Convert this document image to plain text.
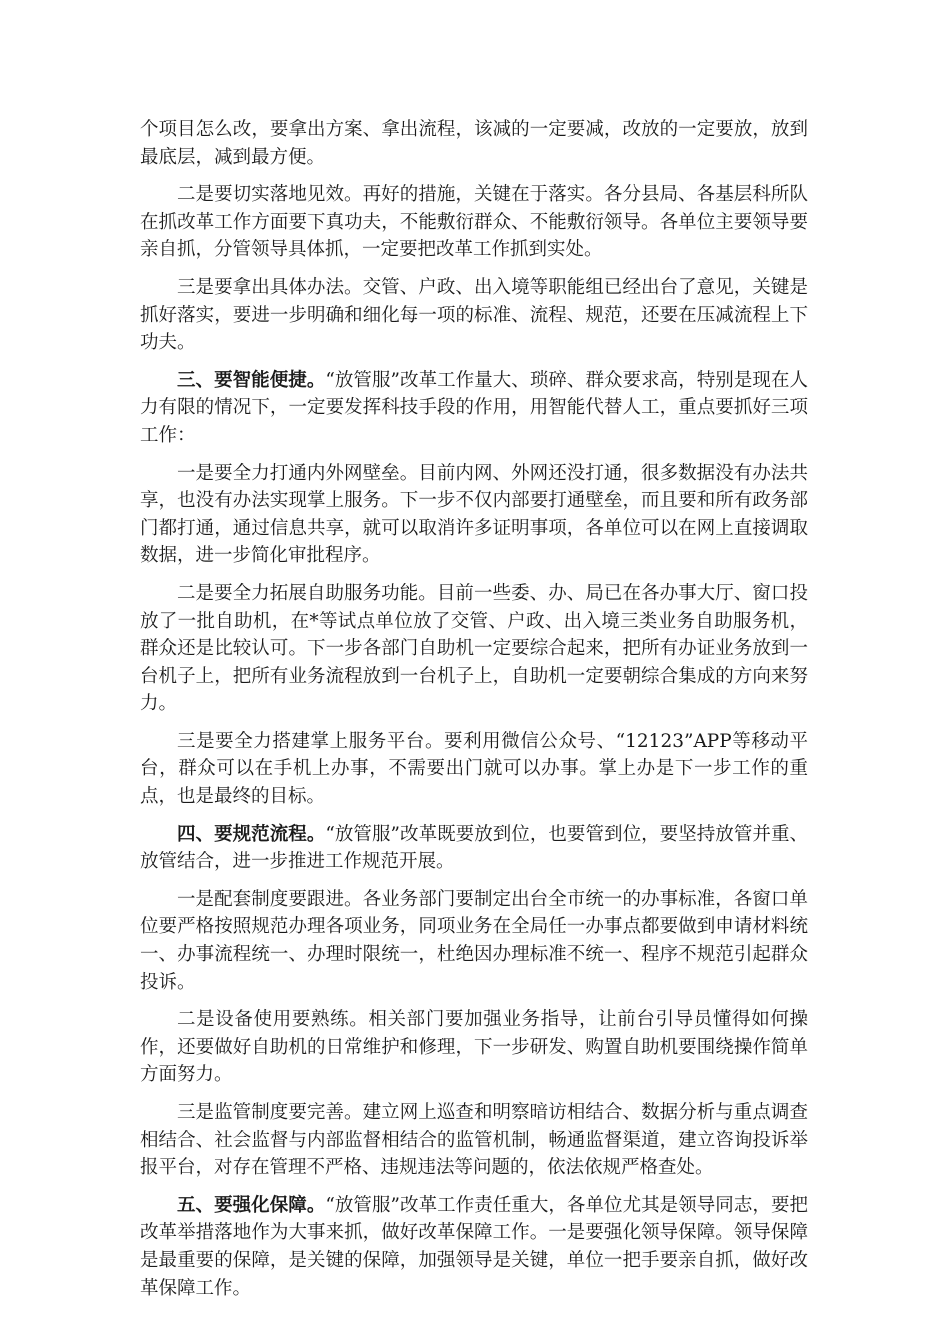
个项目怎么改，要拿出方案、拿出流程，该减的一定要减，改放的一定要放，放到最底层，减到最方便。

二是要切实落地见效。再好的措施，关键在于落实。各分县局、各基层科所队在抓改革工作方面要下真功夫，不能敷衍群众、不能敷衍领导。各单位主要领导要亲自抓，分管领导具体抓，一定要把改革工作抓到实处。

三是要拿出具体办法。交管、户政、出入境等职能组已经出台了意见，关键是抓好落实，要进一步明确和细化每一项的标准、流程、规范，还要在压减流程上下功夫。

三、要智能便捷。“放管服”改革工作量大、琐碎、群众要求高，特别是现在人力有限的情况下，一定要发挥科技手段的作用，用智能代替人工，重点要抓好三项工作：

一是要全力打通内外网壁垒。目前内网、外网还没打通，很多数据没有办法共享，也没有办法实现掌上服务。下一步不仅内部要打通壁垒，而且要和所有政务部门都打通，通过信息共享，就可以取消许多证明事项，各单位可以在网上直接调取数据，进一步简化审批程序。

二是要全力拓展自助服务功能。目前一些委、办、局已在各办事大厅、窗口投放了一批自助机，在*等试点单位放了交管、户政、出入境三类业务自助服务机，群众还是比较认可。下一步各部门自助机一定要综合起来，把所有办证业务放到一台机子上，把所有业务流程放到一台机子上，自助机一定要朝综合集成的方向来努力。

三是要全力搭建掌上服务平台。要利用微信公众号、“12123”APP等移动平台，群众可以在手机上办事，不需要出门就可以办事。掌上办是下一步工作的重点，也是最终的目标。

四、要规范流程。“放管服”改革既要放到位，也要管到位，要坚持放管并重、放管结合，进一步推进工作规范开展。

一是配套制度要跟进。各业务部门要制定出台全市统一的办事标准，各窗口单位要严格按照规范办理各项业务，同项业务在全局任一办事点都要做到申请材料统一、办事流程统一、办理时限统一，杜绝因办理标准不统一、程序不规范引起群众投诉。

二是设备使用要熟练。相关部门要加强业务指导，让前台引导员懂得如何操作，还要做好自助机的日常维护和修理，下一步研发、购置自助机要围绕操作简单方面努力。

三是监管制度要完善。建立网上巡查和明察暗访相结合、数据分析与重点调查相结合、社会监督与内部监督相结合的监管机制，畅通监督渠道，建立咨询投诉举报平台，对存在管理不严格、违规违法等问题的，依法依规严格查处。

五、要强化保障。“放管服”改革工作责任重大，各单位尤其是领导同志，要把改革举措落地作为大事来抓，做好改革保障工作。一是要强化领导保障。领导保障是最重要的保障，是关键的保障，加强领导是关键，单位一把手要亲自抓，做好改革保障工作。
